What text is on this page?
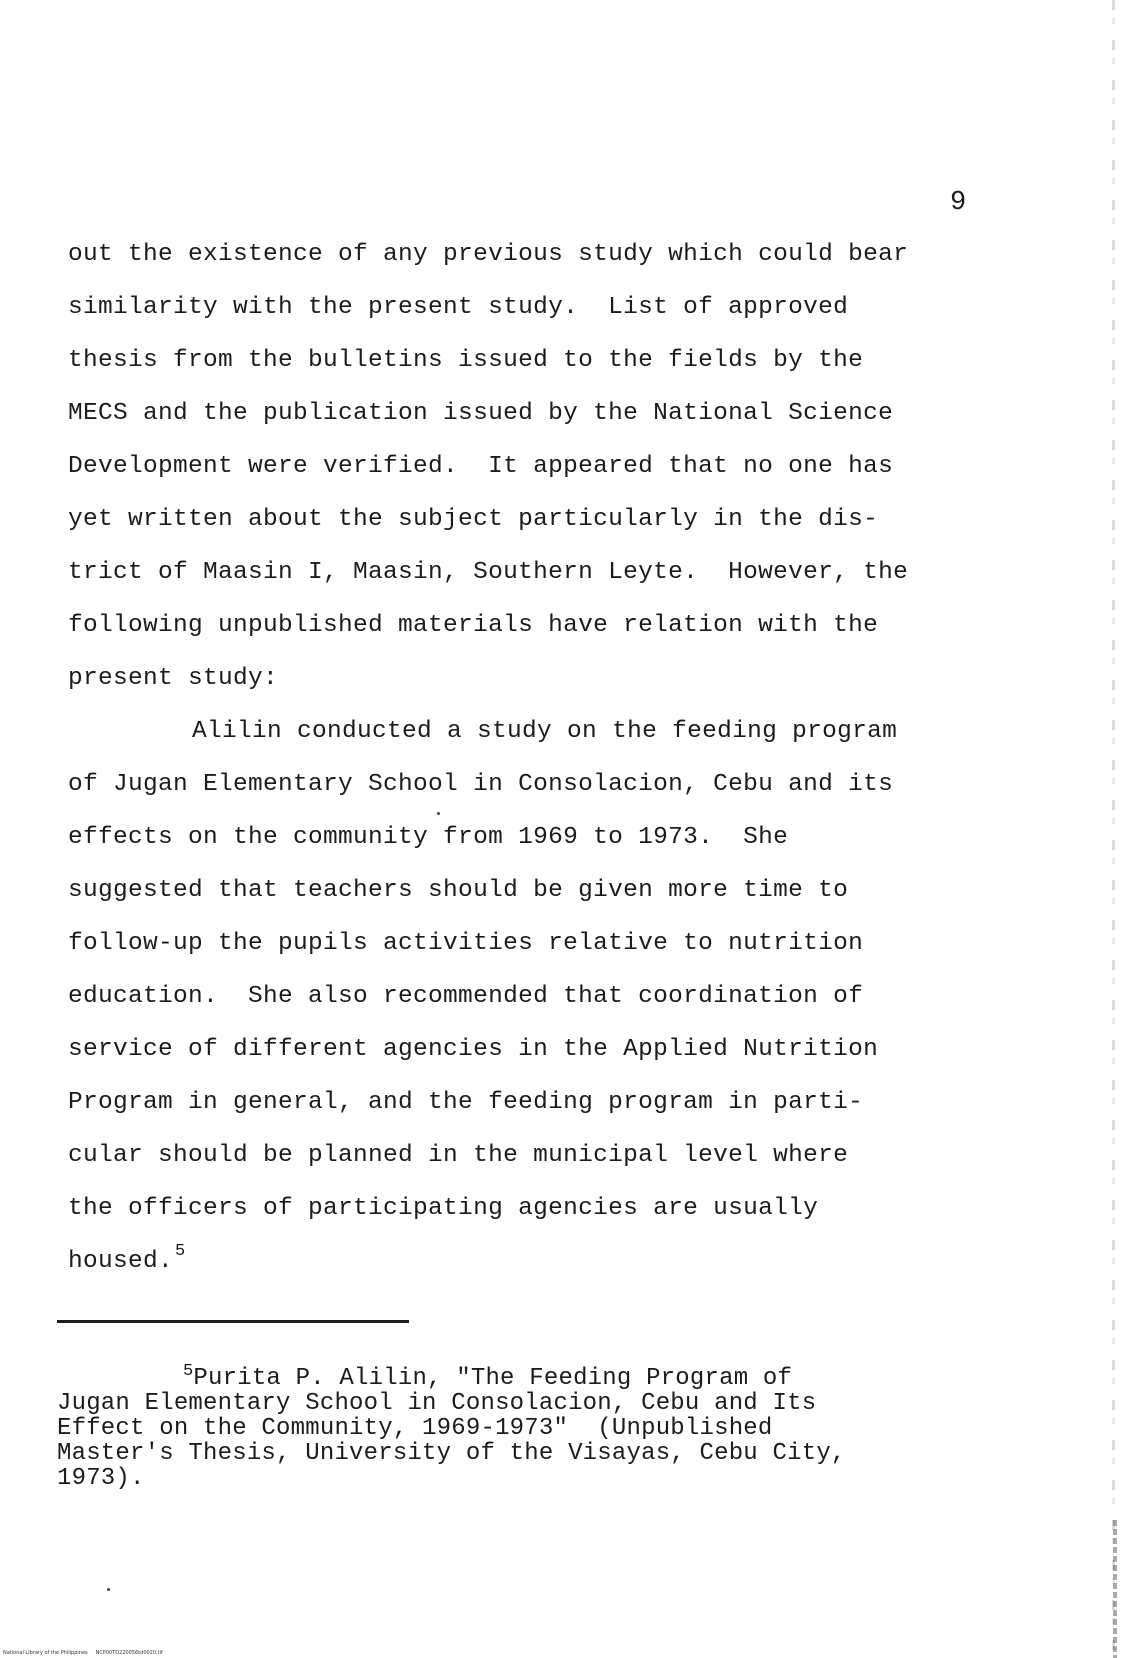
9
out the existence of any previous study which could bear
similarity with the present study.  List of approved
thesis from the bulletins issued to the fields by the
MECS and the publication issued by the National Science
Development were verified.  It appeared that no one has
yet written about the subject particularly in the dis-
trict of Maasin I, Maasin, Southern Leyte.  However, the
following unpublished materials have relation with the
present study:
Alilin conducted a study on the feeding program
of Jugan Elementary School in Consolacion, Cebu and its
effects on the community from 1969 to 1973.  She
suggested that teachers should be given more time to
follow-up the pupils activities relative to nutrition
education.  She also recommended that coordination of
service of different agencies in the Applied Nutrition
Program in general, and the feeding program in parti-
cular should be planned in the municipal level where
the officers of participating agencies are usually
housed. $^5$
$^5$Purita P. Alilin, "The Feeding Program of
Jugan Elementary School in Consolacion, Cebu and Its
Effect on the Community, 1969-1973"  (Unpublished
Master's Thesis, University of the Visayas, Cebu City,
1973).
National Library of the Philippines     NCP00TD220056td0020.tif
